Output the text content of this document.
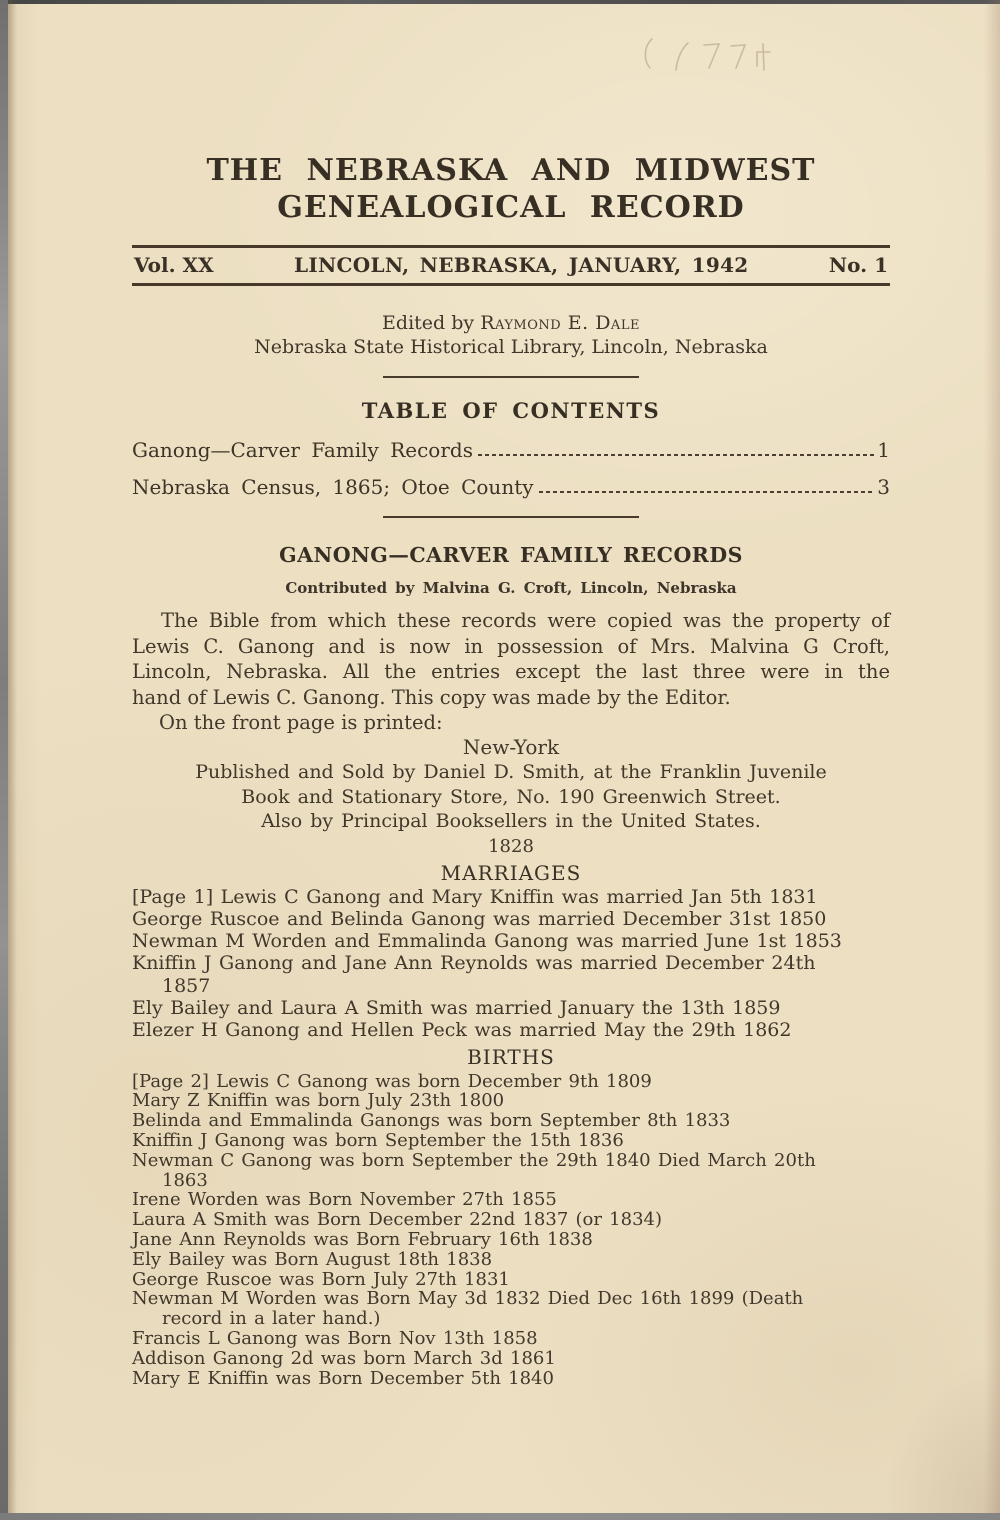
THE NEBRASKA AND MIDWEST
GENEALOGICAL RECORD
Vol. XX	LINCOLN, NEBRASKA, JANUARY, 1942	No. 1
Edited by Raymond E. Dale
Nebraska State Historical Library, Lincoln, Nebraska
TABLE OF CONTENTS
Ganong—Carver Family Records	1
Nebraska Census, 1865; Otoe County	3
GANONG—CARVER FAMILY RECORDS
Contributed by Malvina G. Croft, Lincoln, Nebraska
The Bible from which these records were copied was the property of
Lewis C. Ganong and is now in possession of Mrs. Malvina G Croft,
Lincoln, Nebraska. All the entries except the last three were in the
hand of Lewis C. Ganong. This copy was made by the Editor.
On the front page is printed:
New-York
Published and Sold by Daniel D. Smith, at the Franklin Juvenile
Book and Stationary Store, No. 190 Greenwich Street.
Also by Principal Booksellers in the United States.
1828
MARRIAGES
[Page 1] Lewis C Ganong and Mary Kniffin was married Jan 5th 1831
George Ruscoe and Belinda Ganong was married December 31st 1850
Newman M Worden and Emmalinda Ganong was married June 1st 1853
Kniffin J Ganong and Jane Ann Reynolds was married December 24th
1857
Ely Bailey and Laura A Smith was married January the 13th 1859
Elezer H Ganong and Hellen Peck was married May the 29th 1862
BIRTHS
[Page 2] Lewis C Ganong was born December 9th 1809
Mary Z Kniffin was born July 23th 1800
Belinda and Emmalinda Ganongs was born September 8th 1833
Kniffin J Ganong was born September the 15th 1836
Newman C Ganong was born September the 29th 1840 Died March 20th
1863
Irene Worden was Born November 27th 1855
Laura A Smith was Born December 22nd 1837 (or 1834)
Jane Ann Reynolds was Born February 16th 1838
Ely Bailey was Born August 18th 1838
George Ruscoe was Born July 27th 1831
Newman M Worden was Born May 3d 1832 Died Dec 16th 1899 (Death
record in a later hand.)
Francis L Ganong was Born Nov 13th 1858
Addison Ganong 2d was born March 3d 1861
Mary E Kniffin was Born December 5th 1840
